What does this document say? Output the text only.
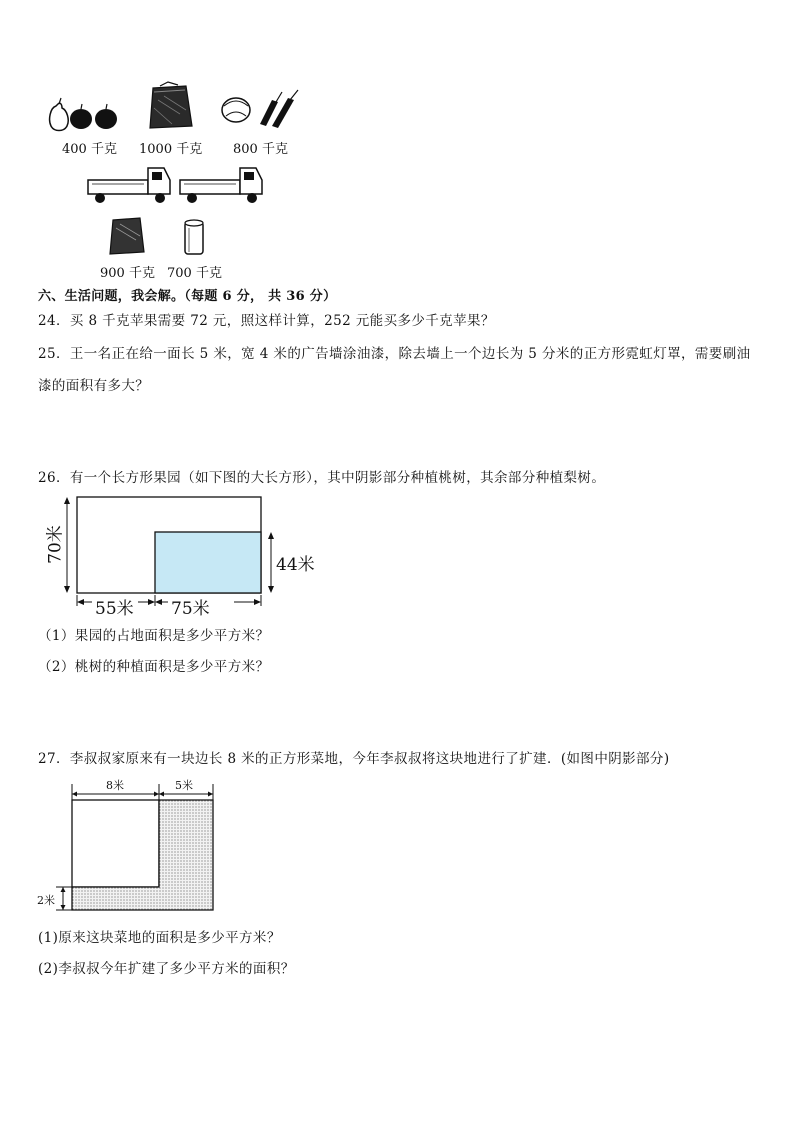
400 千克 1000 千克 800 千克
900 千克 700 千克
六、生活问题，我会解。（每题 6 分， 共 36 分）
24．买 8 千克苹果需要 72 元，照这样计算，252 元能买多少千克苹果？
25．王一名正在给一面长 5 米，宽 4 米的广告墙涂油漆，除去墙上一个边长为 5 分米的正方形霓虹灯罩，需要刷油漆的面积有多大？
26．有一个长方形果园（如下图的大长方形），其中阴影部分种植桃树，其余部分种植梨树。
70米
44米
55米 75米
（1）果园的占地面积是多少平方米？
（2）桃树的种植面积是多少平方米？
27．李叔叔家原来有一块边长 8 米的正方形菜地，今年李叔叔将这块地进行了扩建．(如图中阴影部分)
8米	5米
2米
(1)原来这块菜地的面积是多少平方米？
(2)李叔叔今年扩建了多少平方米的面积？
